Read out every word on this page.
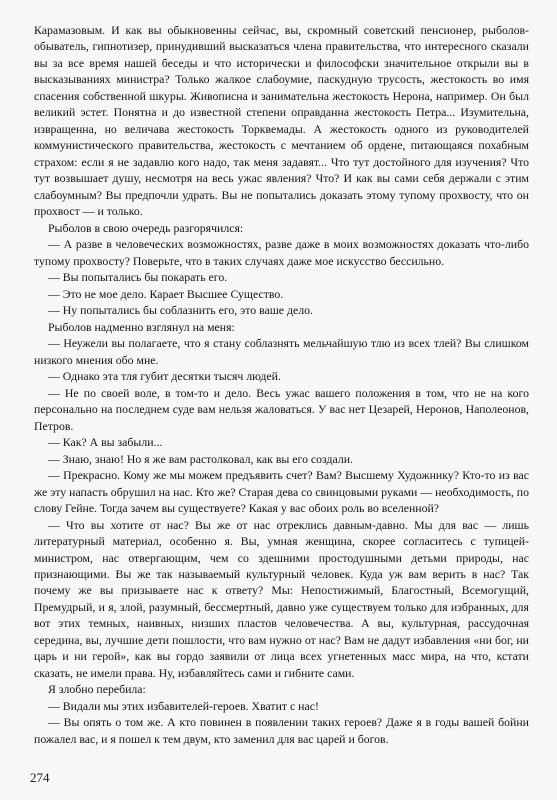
Карамазовым. И как вы обыкновенны сейчас, вы, скромный советский пенсионер, рыболов-обыватель, гипнотизер, принудивший высказаться члена правительства, что интересного сказали вы за все время нашей беседы и что исторически и философски значительное открыли вы в высказываниях министра? Только жалкое слабоумие, паскудную трусость, жестокость во имя спасения собственной шкуры. Живописна и занимательна жестокость Нерона, например. Он был великий эстет. Понятна и до известной степени оправданна жестокость Петра... Изумительна, извращенна, но величава жестокость Торквемады. А жестокость одного из руководителей коммунистического правительства, жестокость с мечтанием об ордене, питающаяся похабным страхом: если я не задавлю кого надо, так меня задавят... Что тут достойного для изучения? Что тут возвышает душу, несмотря на весь ужас явления? Что? И как вы сами себя держали с этим слабоумным? Вы предпочли удрать. Вы не попытались доказать этому тупому прохвосту, что он прохвост — и только.

Рыболов в свою очередь разгорячился:

— А разве в человеческих возможностях, разве даже в моих возможностях доказать что-либо тупому прохвосту? Поверьте, что в таких случаях даже мое искусство бессильно.

— Вы попытались бы покарать его.

— Это не мое дело. Карает Высшее Существо.

— Ну попытались бы соблазнить его, это ваше дело.

Рыболов надменно взглянул на меня:

— Неужели вы полагаете, что я стану соблазнять мельчайшую тлю из всех тлей? Вы слишком низкого мнения обо мне.

— Однако эта тля губит десятки тысяч людей.

— Не по своей воле, в том-то и дело. Весь ужас вашего положения в том, что не на кого персонально на последнем суде вам нельзя жаловаться. У вас нет Цезарей, Неронов, Наполеонов, Петров.

— Как? А вы забыли...

— Знаю, знаю! Но я же вам растолковал, как вы его создали.

— Прекрасно. Кому же мы можем предъявить счет? Вам? Высшему Художнику? Кто-то из вас же эту напасть обрушил на нас. Кто же? Старая дева со свинцовыми руками — необходимость, по слову Гейне. Тогда зачем вы существуете? Какая у вас обоих роль во вселенной?

— Что вы хотите от нас? Вы же от нас отреклись давным-давно. Мы для вас — лишь литературный материал, особенно я. Вы, умная женщина, скорее согласитесь с тупицей-министром, нас отвергающим, чем со здешними простодушными детьми природы, нас признающими. Вы же так называемый культурный человек. Куда уж вам верить в нас? Так почему же вы призываете нас к ответу? Мы: Непостижимый, Благостный, Всемогущий, Премудрый, и я, злой, разумный, бессмертный, давно уже существуем только для избранных, для вот этих темных, наивных, низших пластов человечества. А вы, культурная, рассудочная середина, вы, лучшие дети пошлости, что вам нужно от нас? Вам не дадут избавления «ни бог, ни царь и ни герой», как вы гордо заявили от лица всех угнетенных масс мира, на что, кстати сказать, не имели права. Ну, избавляйтесь сами и гибните сами.

Я злобно перебила:

— Видали мы этих избавителей-героев. Хватит с нас!

— Вы опять о том же. А кто повинен в появлении таких героев? Даже я в годы вашей бойни пожалел вас, и я пошел к тем двум, кто заменил для вас царей и богов.

274
